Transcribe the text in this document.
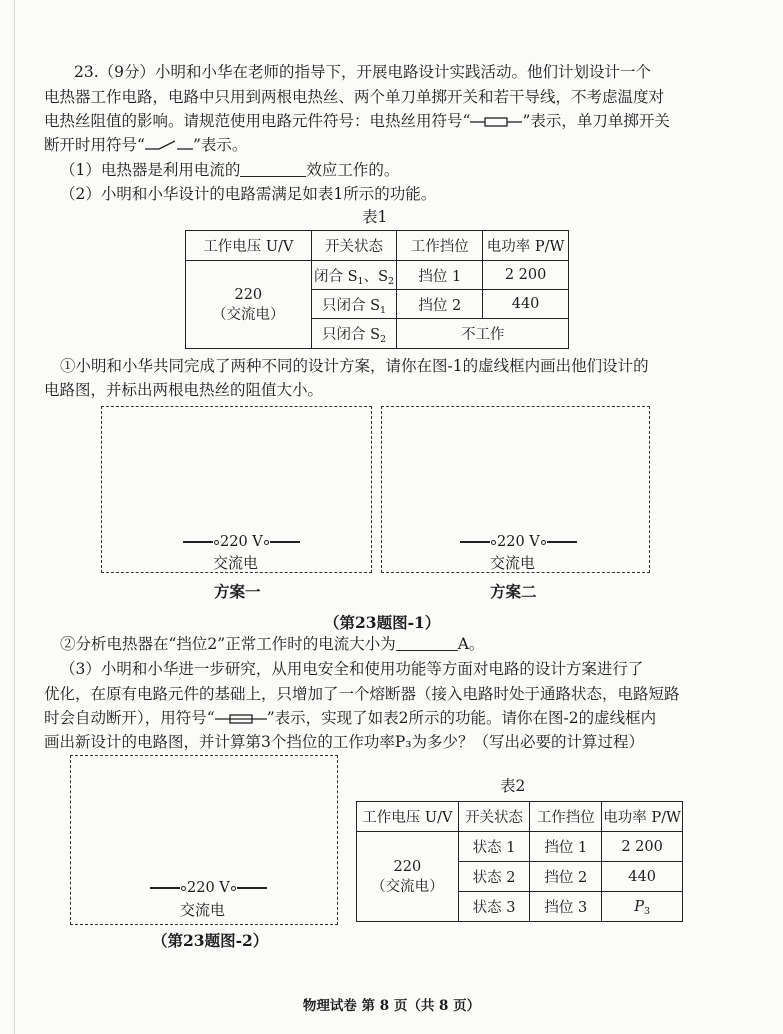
23.（9分）小明和小华在老师的指导下，开展电路设计实践活动。他们计划设计一个
电热器工作电路，电路中只用到两根电热丝、两个单刀单掷开关和若干导线，不考虑温度对
电热丝阻值的影响。请规范使用电路元件符号：电热丝用符号“	”表示，单刀单掷开关
断开时用符号“	”表示。
（1）电热器是利用电流的	效应工作的。
（2）小明和小华设计的电路需满足如表1所示的功能。
表1
工作电压 U/V	开关状态	工作挡位	电功率 P/W

220
（交流电）	闭合 $S_1$、$S_2$	挡位 1	2 200
	只闭合 $S_1$	挡位 2	440
	只闭合 $S_2$	不工作	
①小明和小华共同完成了两种不同的设计方案，请你在图-1的虚线框内画出他们设计的
电路图，并标出两根电热丝的阻值大小。
220 V
交流电
220 V
交流电
方案一	方案二
（第23题图-1）
②分析电热器在“挡位2”正常工作时的电流大小为	A。
（3）小明和小华进一步研究，从用电安全和使用功能等方面对电路的设计方案进行了
优化，在原有电路元件的基础上，只增加了一个熔断器（接入电路时处于通路状态，电路短路
时会自动断开），用符号“	”表示，实现了如表2所示的功能。请你在图-2的虚线框内
画出新设计的电路图，并计算第3个挡位的工作功率P₃为多少？（写出必要的计算过程）
220 V
交流电
（第23题图-2）
表2
工作电压 U/V	开关状态	工作挡位	电功率 P/W

220
（交流电）	状态 1	挡位 1	2 200
	状态 2	挡位 2	440
	状态 3	挡位 3	$P_3$
物理试卷 第 8 页（共 8 页）
